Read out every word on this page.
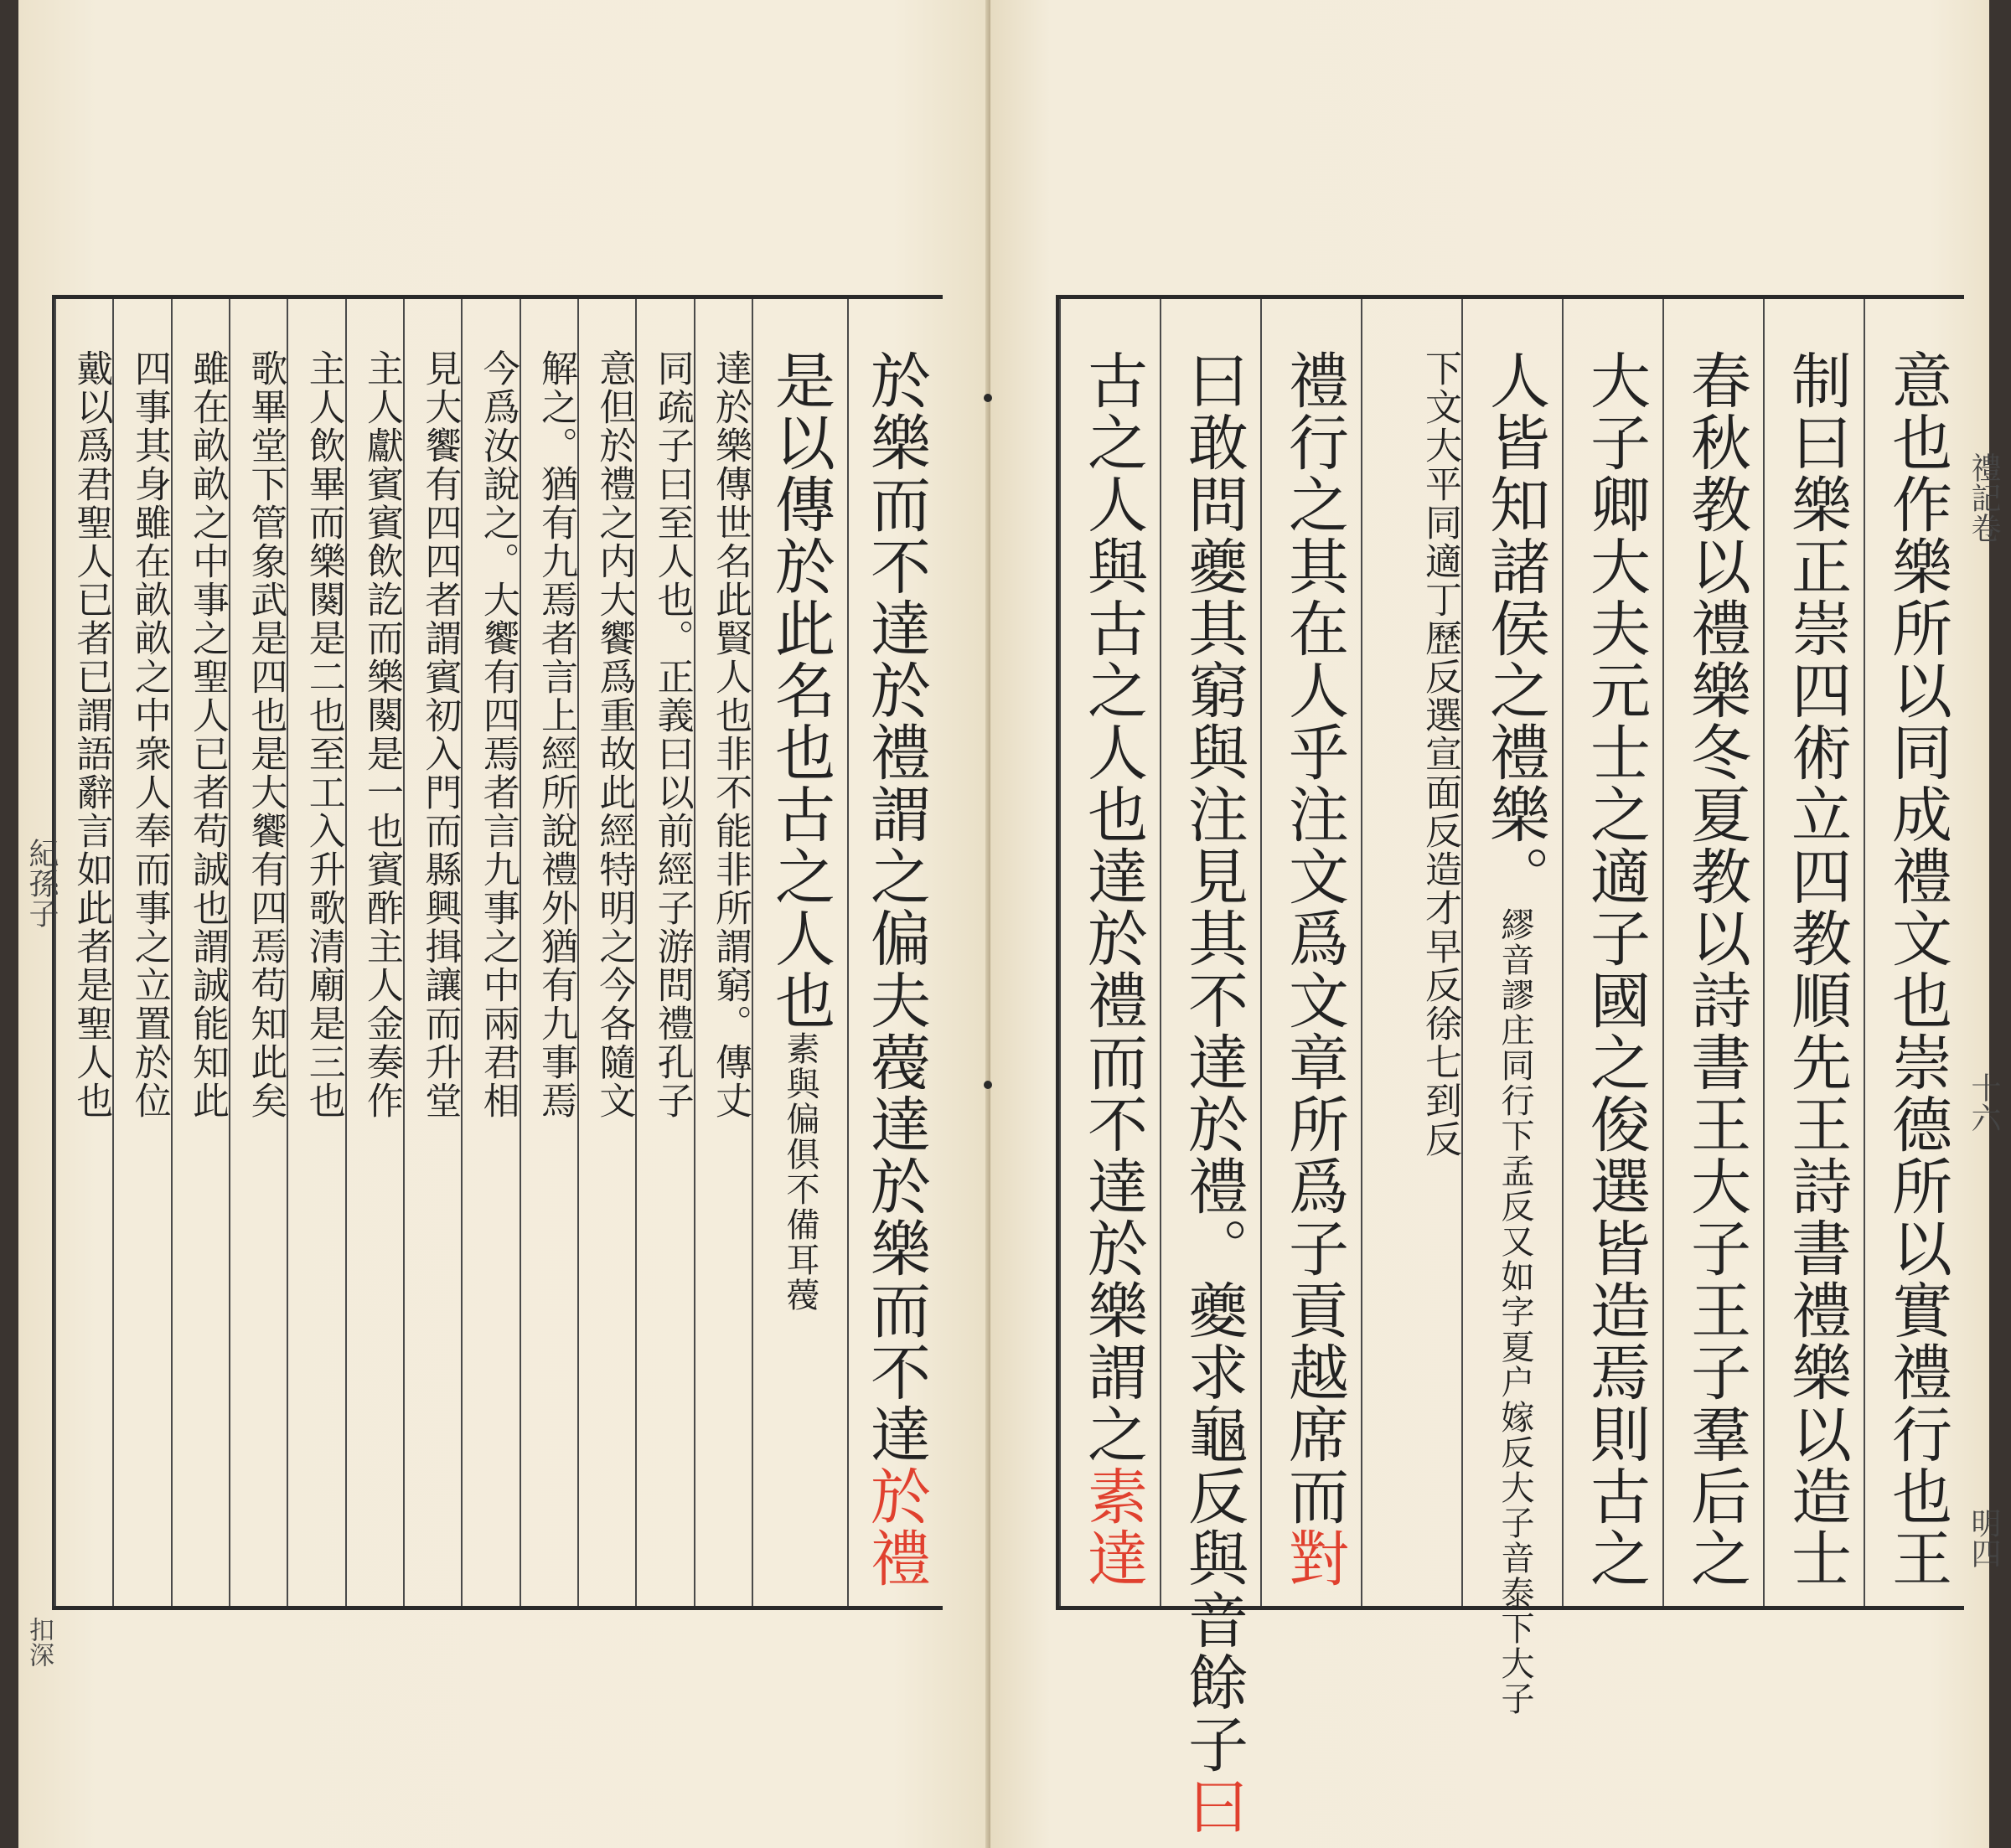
紀孫子
扣深
於樂而不達於禮謂之偏夫薎達於樂而不達於禮
是以傳於此名也古之人也素與偏俱不備耳薎
達於樂傳世名此賢人也非不能非所謂窮。傳丈
同疏子曰至人也。正義曰以前經子游問禮孔子
意但於禮之内大饗爲重故此經特明之今各隨文
解之。猶有九焉者言上經所說禮外猶有九事焉
今爲汝說之。大饗有四焉者言九事之中兩君相
見大饗有四四者謂賓初入門而縣興揖讓而升堂
主人獻賓賓飲訖而樂闋是一也賓酢主人金奏作
主人飲畢而樂闋是二也至工入升歌清廟是三也
歌畢堂下管象武是四也是大饗有四焉苟知此矣
雖在畝畝之中事之聖人已者苟誠也謂誠能知此
四事其身雖在畝畝之中衆人奉而事之立置於位
戴以爲君聖人已者已謂語辭言如此者是聖人也	禮記卷
十六
明四
意也作樂所以同成禮文也崇德所以實禮行也王
制曰樂正崇四術立四教順先王詩書禮樂以造士
春秋教以禮樂冬夏教以詩書王大子王子羣后之
大子卿大夫元士之適子國之俊選皆造焉則古之
人皆知諸侯之禮樂。繆音謬庄同行下孟反又如字夏户嫁反大子音泰下大子
下文大平同適丁歷反選宣面反造才早反徐七到反
禮行之其在人乎注文爲文章所爲子貢越席而對
曰敢問夔其窮與注見其不達於禮。夔求龜反與音餘子曰
古之人與古之人也達於禮而不達於樂謂之素達
